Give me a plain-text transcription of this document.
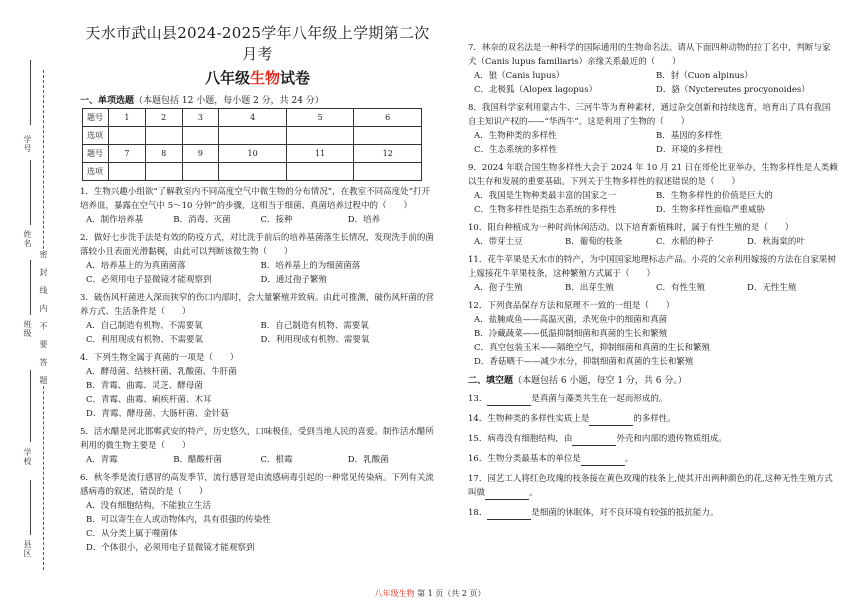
密　封　线　内　不　要　答　题
学号
姓名
班级
学校
县区
天水市武山县2024-2025学年八年级上学期第二次月考
八年级生物试卷
一、单项选题（本题包括 12 小题，每小题 2 分，共 24 分）
题号	1	2	3	4	5	6
选项						
题号	7	8	9	10	11	12
选项						
1．生物兴趣小组欲“了解教室内不同高度空气中微生物的分布情况”，在教室不同高度处“打开培养皿，暴露在空气中 5～10 分钟”的步骤，这相当于细菌、真菌培养过程中的（　　）
A．制作培养基	B．消毒、灭菌	C．接种	D．培养
2．做好七步洗手法是有效的防疫方式，对比洗手前后的培养基菌落生长情况，发现洗手前的菌落较小且表面光滑黏稠，由此可以判断该微生物（　　）
A．培养基上的为真菌菌落	B．培养基上的为细菌菌落
C．必须用电子显微镜才能观察到	D．通过孢子繁殖
3．破伤风杆菌进入深而狭窄的伤口内部时，会大量繁殖并致病。由此可推测，破伤风杆菌的营养方式、生活条件是（　　）
A．自己制造有机物、不需要氧	B．自己制造有机物、需要氧
C．利用现成有机物、不需要氧	D．利用现成有机物、需要氧
4．下列生物全属于真菌的一项是（　　）
A．酵母菌、结核杆菌、乳酸菌、牛肝菌
B．青霉、曲霉、灵芝、酵母菌
C．青霉、曲霉、痢疾杆菌、木耳
D．青霉、酵母菌、大肠杆菌、金针菇
5．活水醋是河北邯郸武安的特产，历史悠久，口味极佳，受到当地人民的喜爱。制作活水醋所利用的微生物主要是（　　）
A．青霉	B．醋酸杆菌	C．根霉	D．乳酸菌
6．秋冬季是流行感冒的高发季节，流行感冒是由流感病毒引起的一种常见传染病。下列有关流感病毒的叙述，错误的是（　　）
A．没有细胞结构，不能独立生活
B．可以寄生在人或动物体内，具有很强的传染性
C．从分类上属于噬菌体
D．个体很小，必须用电子显微镜才能观察到
7．林奈的双名法是一种科学的国际通用的生物命名法。请从下面四种动物的拉丁名中，判断与家犬（Canis lupus familiaris）亲缘关系最近的（　　）
A．狼（Canis lupus）	B．豺（Cuon alpinus）
C．北极狐（Alopex lagopus）	D．貉（Nyctereutes procyonoides）
8．我国科学家利用蒙古牛、三河牛等为育种素材，通过杂交创新和持续选育，培育出了具有我国自主知识产权的——“华西牛”。这是利用了生物的（　　）
A．生物种类的多样性	B．基因的多样性
C．生态系统的多样性	D．环境的多样性
9．2024 年联合国生物多样性大会于 2024 年 10 月 21 日在哥伦比亚举办，生物多样性是人类赖以生存和发展的重要基础。下列关于生物多样性的叙述错误的是（　　）
A．我国是生物种类最丰富的国家之一	B．生物多样性的价值是巨大的
C．生物多样性是指生态系统的多样性	D．生物多样性面临严重威胁
10．阳台种植成为一种时尚休闲活动。以下培育新植株时，属于有性生殖的是（　　）
A．带芽土豆	B．葡萄的枝条	C．水稻的种子	D．秋海棠的叶
11．花牛苹果是天水市的特产，为中国国家地理标志产品。小亮的父亲利用嫁接的方法在自家果树上嫁接花牛苹果枝条，这种繁殖方式属于（　　）
A．孢子生殖	B．出芽生殖	C．有性生殖	D．无性生殖
12．下列食品保存方法和原理不一致的一组是（　　）
A．盐腌咸鱼——高温灭菌，杀死鱼中的细菌和真菌
B．冷藏蔬菜——低温抑制细菌和真菌的生长和繁殖
C．真空包装玉米——隔绝空气，抑制细菌和真菌的生长和繁殖
D．香菇晒干——减少水分，抑制细菌和真菌的生长和繁殖
二、填空题（本题包括 6 小题，每空 1 分，共 6 分。）
13．	是真菌与藻类共生在一起而形成的。
14．生物种类的多样性实质上是	的多样性。
15．病毒没有细胞结构，由	外壳和内部的遗传物质组成。
16．生物分类最基本的单位是	。
17．园艺工人将红色玫瑰的枝条接在黄色玫瑰的枝条上,使其开出两种颜色的花,这种无性生殖方式叫做	。
18．	是细菌的休眠体，对不良环境有较强的抵抗能力。
八年级生物 第 1 页（共 2 页）
